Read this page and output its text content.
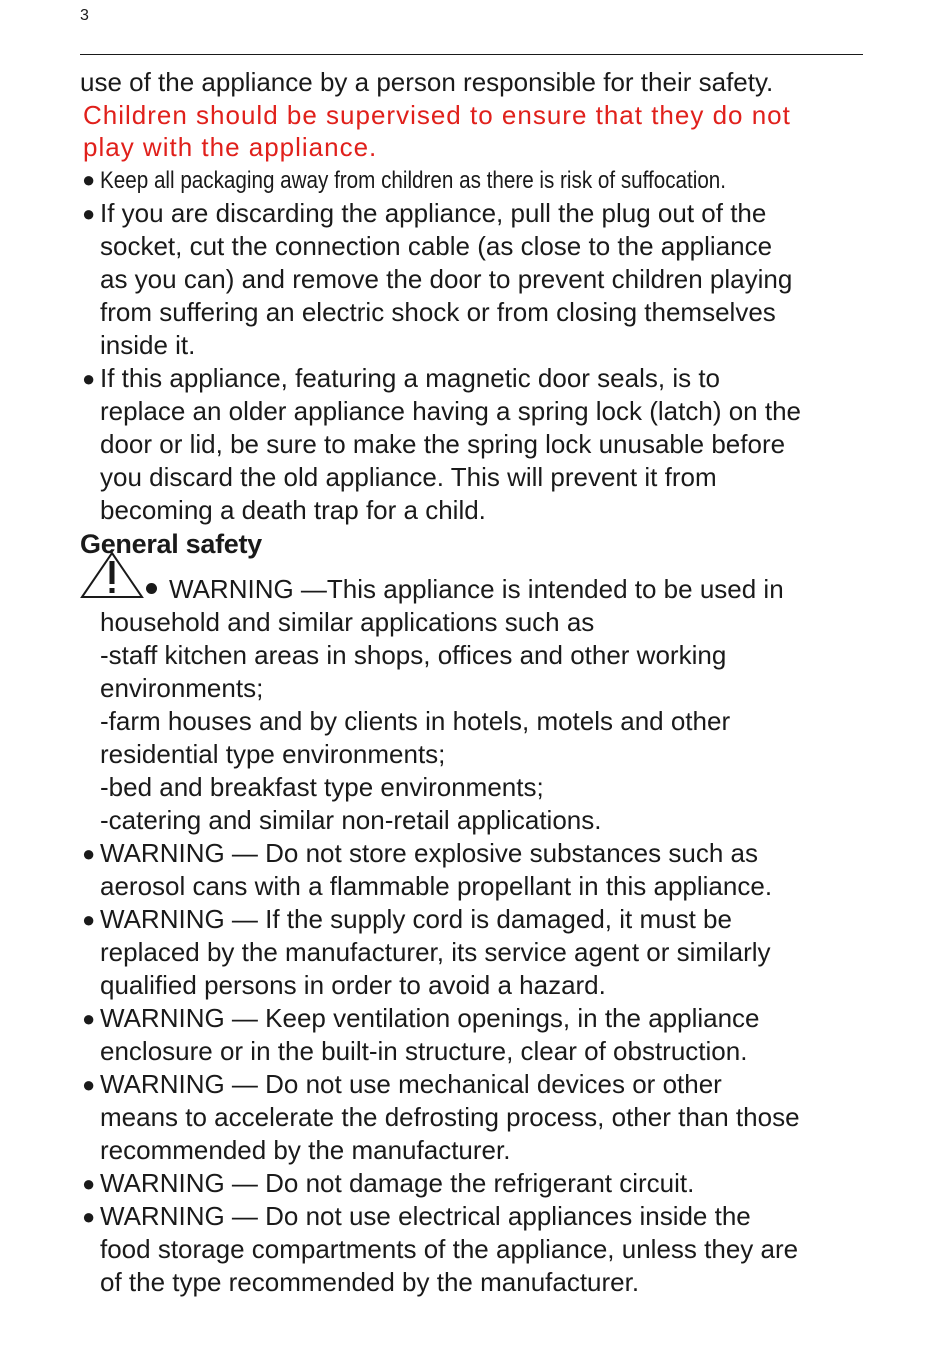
3
use of the appliance by a person responsible for their safety.
Children should be supervised to ensure that they do not
play with the appliance.
● Keep all packaging away from children as there is risk of suffocation.
● If you are discarding the appliance, pull the plug out of the
socket, cut the connection cable (as close to the appliance
as you can) and remove the door to prevent children playing
from suffering an electric shock or from closing themselves
inside it.
● If this appliance, featuring a magnetic door seals, is to
replace an older appliance having a spring lock (latch) on the
door or lid, be sure to make the spring lock unusable before
you discard the old appliance. This will prevent it from
becoming a death trap for a child.
General safety
WARNING —This appliance is intended to be used in
household and similar applications such as
-staff kitchen areas in shops, offices and other working
environments;
-farm houses and by clients in hotels, motels and other
residential type environments;
-bed and breakfast type environments;
-catering and similar non-retail applications.
● WARNING — Do not store explosive substances such as
aerosol cans with a flammable propellant in this appliance.
● WARNING — If the supply cord is damaged, it must be
replaced by the manufacturer, its service agent or similarly
qualified persons in order to avoid a hazard.
● WARNING — Keep ventilation openings, in the appliance
enclosure or in the built-in structure, clear of obstruction.
● WARNING — Do not use mechanical devices or other
means to accelerate the defrosting process, other than those
recommended by the manufacturer.
● WARNING — Do not damage the refrigerant circuit.
● WARNING — Do not use electrical appliances inside the
food storage compartments of the appliance, unless they are
of the type recommended by the manufacturer.
